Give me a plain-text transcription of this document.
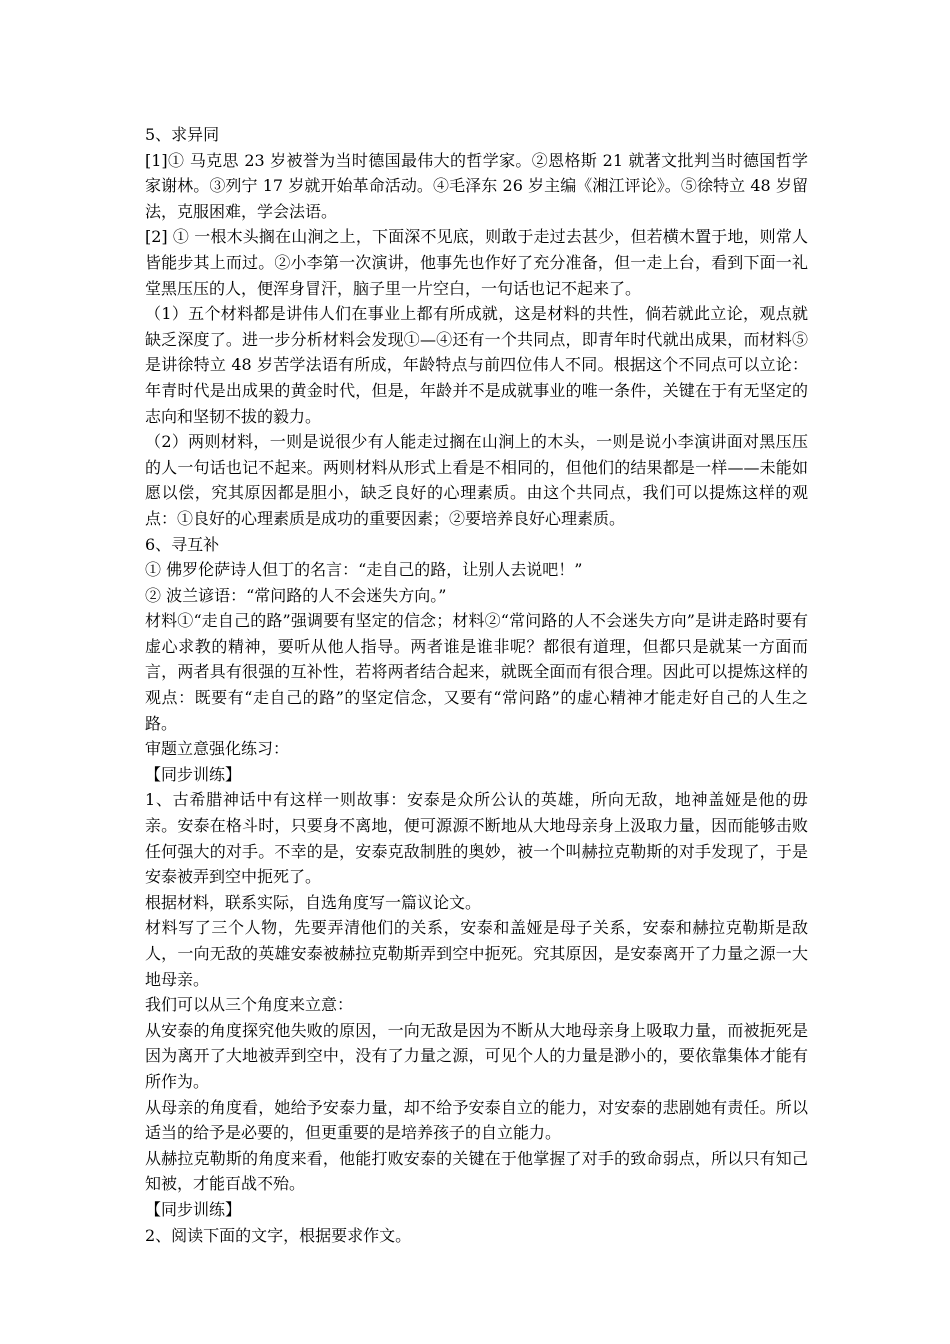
5、求异同

[1]① 马克思 23 岁被誉为当时德国最伟大的哲学家。②恩格斯 21 就著文批判当时德国哲学家谢林。③列宁 17 岁就开始革命活动。④毛泽东 26 岁主编《湘江评论》。⑤徐特立 48 岁留法，克服困难，学会法语。

[2] ① 一根木头搁在山涧之上，下面深不见底，则敢于走过去甚少，但若横木置于地，则常人皆能步其上而过。②小李第一次演讲，他事先也作好了充分准备，但一走上台，看到下面一礼堂黑压压的人，便浑身冒汗，脑子里一片空白，一句话也记不起来了。

（1）五个材料都是讲伟人们在事业上都有所成就，这是材料的共性，倘若就此立论，观点就缺乏深度了。进一步分析材料会发现①—④还有一个共同点，即青年时代就出成果，而材料⑤是讲徐特立 48 岁苦学法语有所成，年龄特点与前四位伟人不同。根据这个不同点可以立论：年青时代是出成果的黄金时代，但是，年龄并不是成就事业的唯一条件，关键在于有无坚定的志向和坚韧不拔的毅力。

（2）两则材料，一则是说很少有人能走过搁在山涧上的木头，一则是说小李演讲面对黑压压的人一句话也记不起来。两则材料从形式上看是不相同的，但他们的结果都是一样——未能如愿以偿，究其原因都是胆小，缺乏良好的心理素质。由这个共同点，我们可以提炼这样的观点：①良好的心理素质是成功的重要因素；②要培养良好心理素质。

6、寻互补

① 佛罗伦萨诗人但丁的名言：“走自己的路，让别人去说吧！”

② 波兰谚语：“常问路的人不会迷失方向。”

材料①“走自己的路”强调要有坚定的信念；材料②“常问路的人不会迷失方向”是讲走路时要有虚心求教的精神，要听从他人指导。两者谁是谁非呢？都很有道理，但都只是就某一方面而言，两者具有很强的互补性，若将两者结合起来，就既全面而有很合理。因此可以提炼这样的观点：既要有“走自己的路”的坚定信念，又要有“常问路”的虚心精神才能走好自己的人生之路。

审题立意强化练习：

【同步训练】

1、古希腊神话中有这样一则故事：安泰是众所公认的英雄，所向无敌，地神盖娅是他的毋亲。安泰在格斗时，只要身不离地，便可源源不断地从大地母亲身上汲取力量，因而能够击败任何强大的对手。不幸的是，安泰克敌制胜的奥妙，被一个叫赫拉克勒斯的对手发现了，于是安泰被弄到空中扼死了。

根据材料，联系实际，自选角度写一篇议论文。

材料写了三个人物，先要弄清他们的关系，安泰和盖娅是母子关系，安泰和赫拉克勒斯是敌人，一向无敌的英雄安泰被赫拉克勒斯弄到空中扼死。究其原因，是安泰离开了力量之源一大地母亲。

我们可以从三个角度来立意：

从安泰的角度探究他失败的原因，一向无敌是因为不断从大地母亲身上吸取力量，而被扼死是因为离开了大地被弄到空中，没有了力量之源，可见个人的力量是渺小的，要依靠集体才能有所作为。

从母亲的角度看，她给予安泰力量，却不给予安泰自立的能力，对安泰的悲剧她有责任。所以适当的给予是必要的，但更重要的是培养孩子的自立能力。

从赫拉克勒斯的角度来看，他能打败安泰的关键在于他掌握了对手的致命弱点，所以只有知己知被，才能百战不殆。

【同步训练】

2、阅读下面的文字，根据要求作文。
